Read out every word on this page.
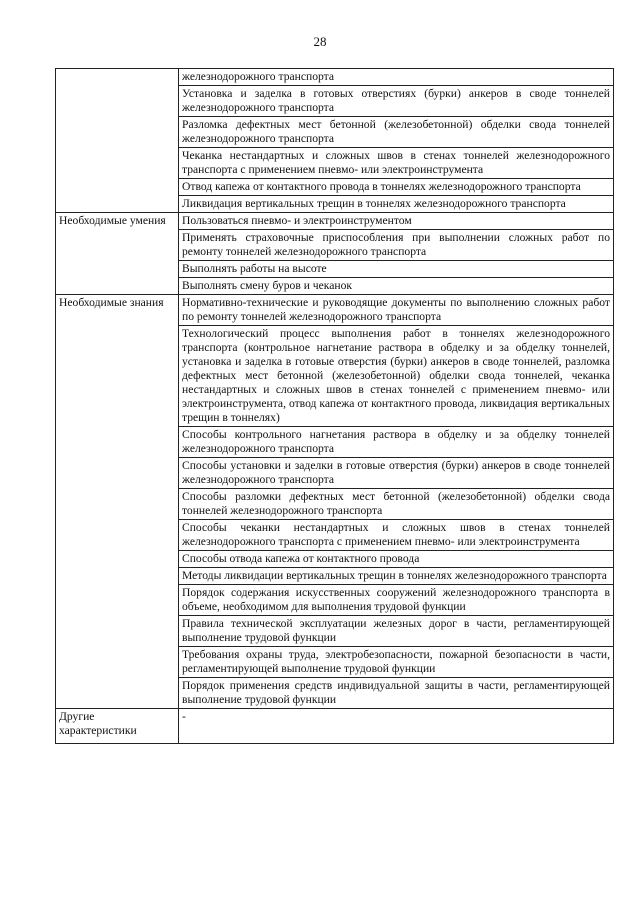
28
	железнодорожного транспорта
	Установка и заделка в готовых отверстиях (бурки) анкеров в своде тоннелей железнодорожного транспорта
	Разломка дефектных мест бетонной (железобетонной) обделки свода тоннелей железнодорожного транспорта
	Чеканка нестандартных и сложных швов в стенах тоннелей железнодорожного транспорта с применением пневмо- или электроинструмента
	Отвод капежа от контактного провода в тоннелях железнодорожного транспорта
	Ликвидация вертикальных трещин в тоннелях железнодорожного транспорта
Необходимые умения	Пользоваться пневмо- и электроинструментом
	Применять страховочные приспособления при выполнении сложных работ по ремонту тоннелей железнодорожного транспорта
	Выполнять работы на высоте
	Выполнять смену буров и чеканок
Необходимые знания	Нормативно-технические и руководящие документы по выполнению сложных работ по ремонту тоннелей железнодорожного транспорта
	Технологический процесс выполнения работ в тоннелях железнодорожного транспорта (контрольное нагнетание раствора в обделку и за обделку тоннелей, установка и заделка в готовые отверстия (бурки) анкеров в своде тоннелей, разломка дефектных мест бетонной (железобетонной) обделки свода тоннелей, чеканка нестандартных и сложных швов в стенах тоннелей с применением пневмо- или электроинструмента, отвод капежа от контактного провода, ликвидация вертикальных трещин в тоннелях)
	Способы контрольного нагнетания раствора в обделку и за обделку тоннелей железнодорожного транспорта
	Способы установки и заделки в готовые отверстия (бурки) анкеров в своде тоннелей железнодорожного транспорта
	Способы разломки дефектных мест бетонной (железобетонной) обделки свода тоннелей железнодорожного транспорта
	Способы чеканки нестандартных и сложных швов в стенах тоннелей железнодорожного транспорта с применением пневмо- или электроинструмента
	Способы отвода капежа от контактного провода
	Методы ликвидации вертикальных трещин в тоннелях железнодорожного транспорта
	Порядок содержания искусственных сооружений железнодорожного транспорта в объеме, необходимом для выполнения трудовой функции
	Правила технической эксплуатации железных дорог в части, регламентирующей выполнение трудовой функции
	Требования охраны труда, электробезопасности, пожарной безопасности в части, регламентирующей выполнение трудовой функции
	Порядок применения средств индивидуальной защиты в части, регламентирующей выполнение трудовой функции
Другие характеристики	-
